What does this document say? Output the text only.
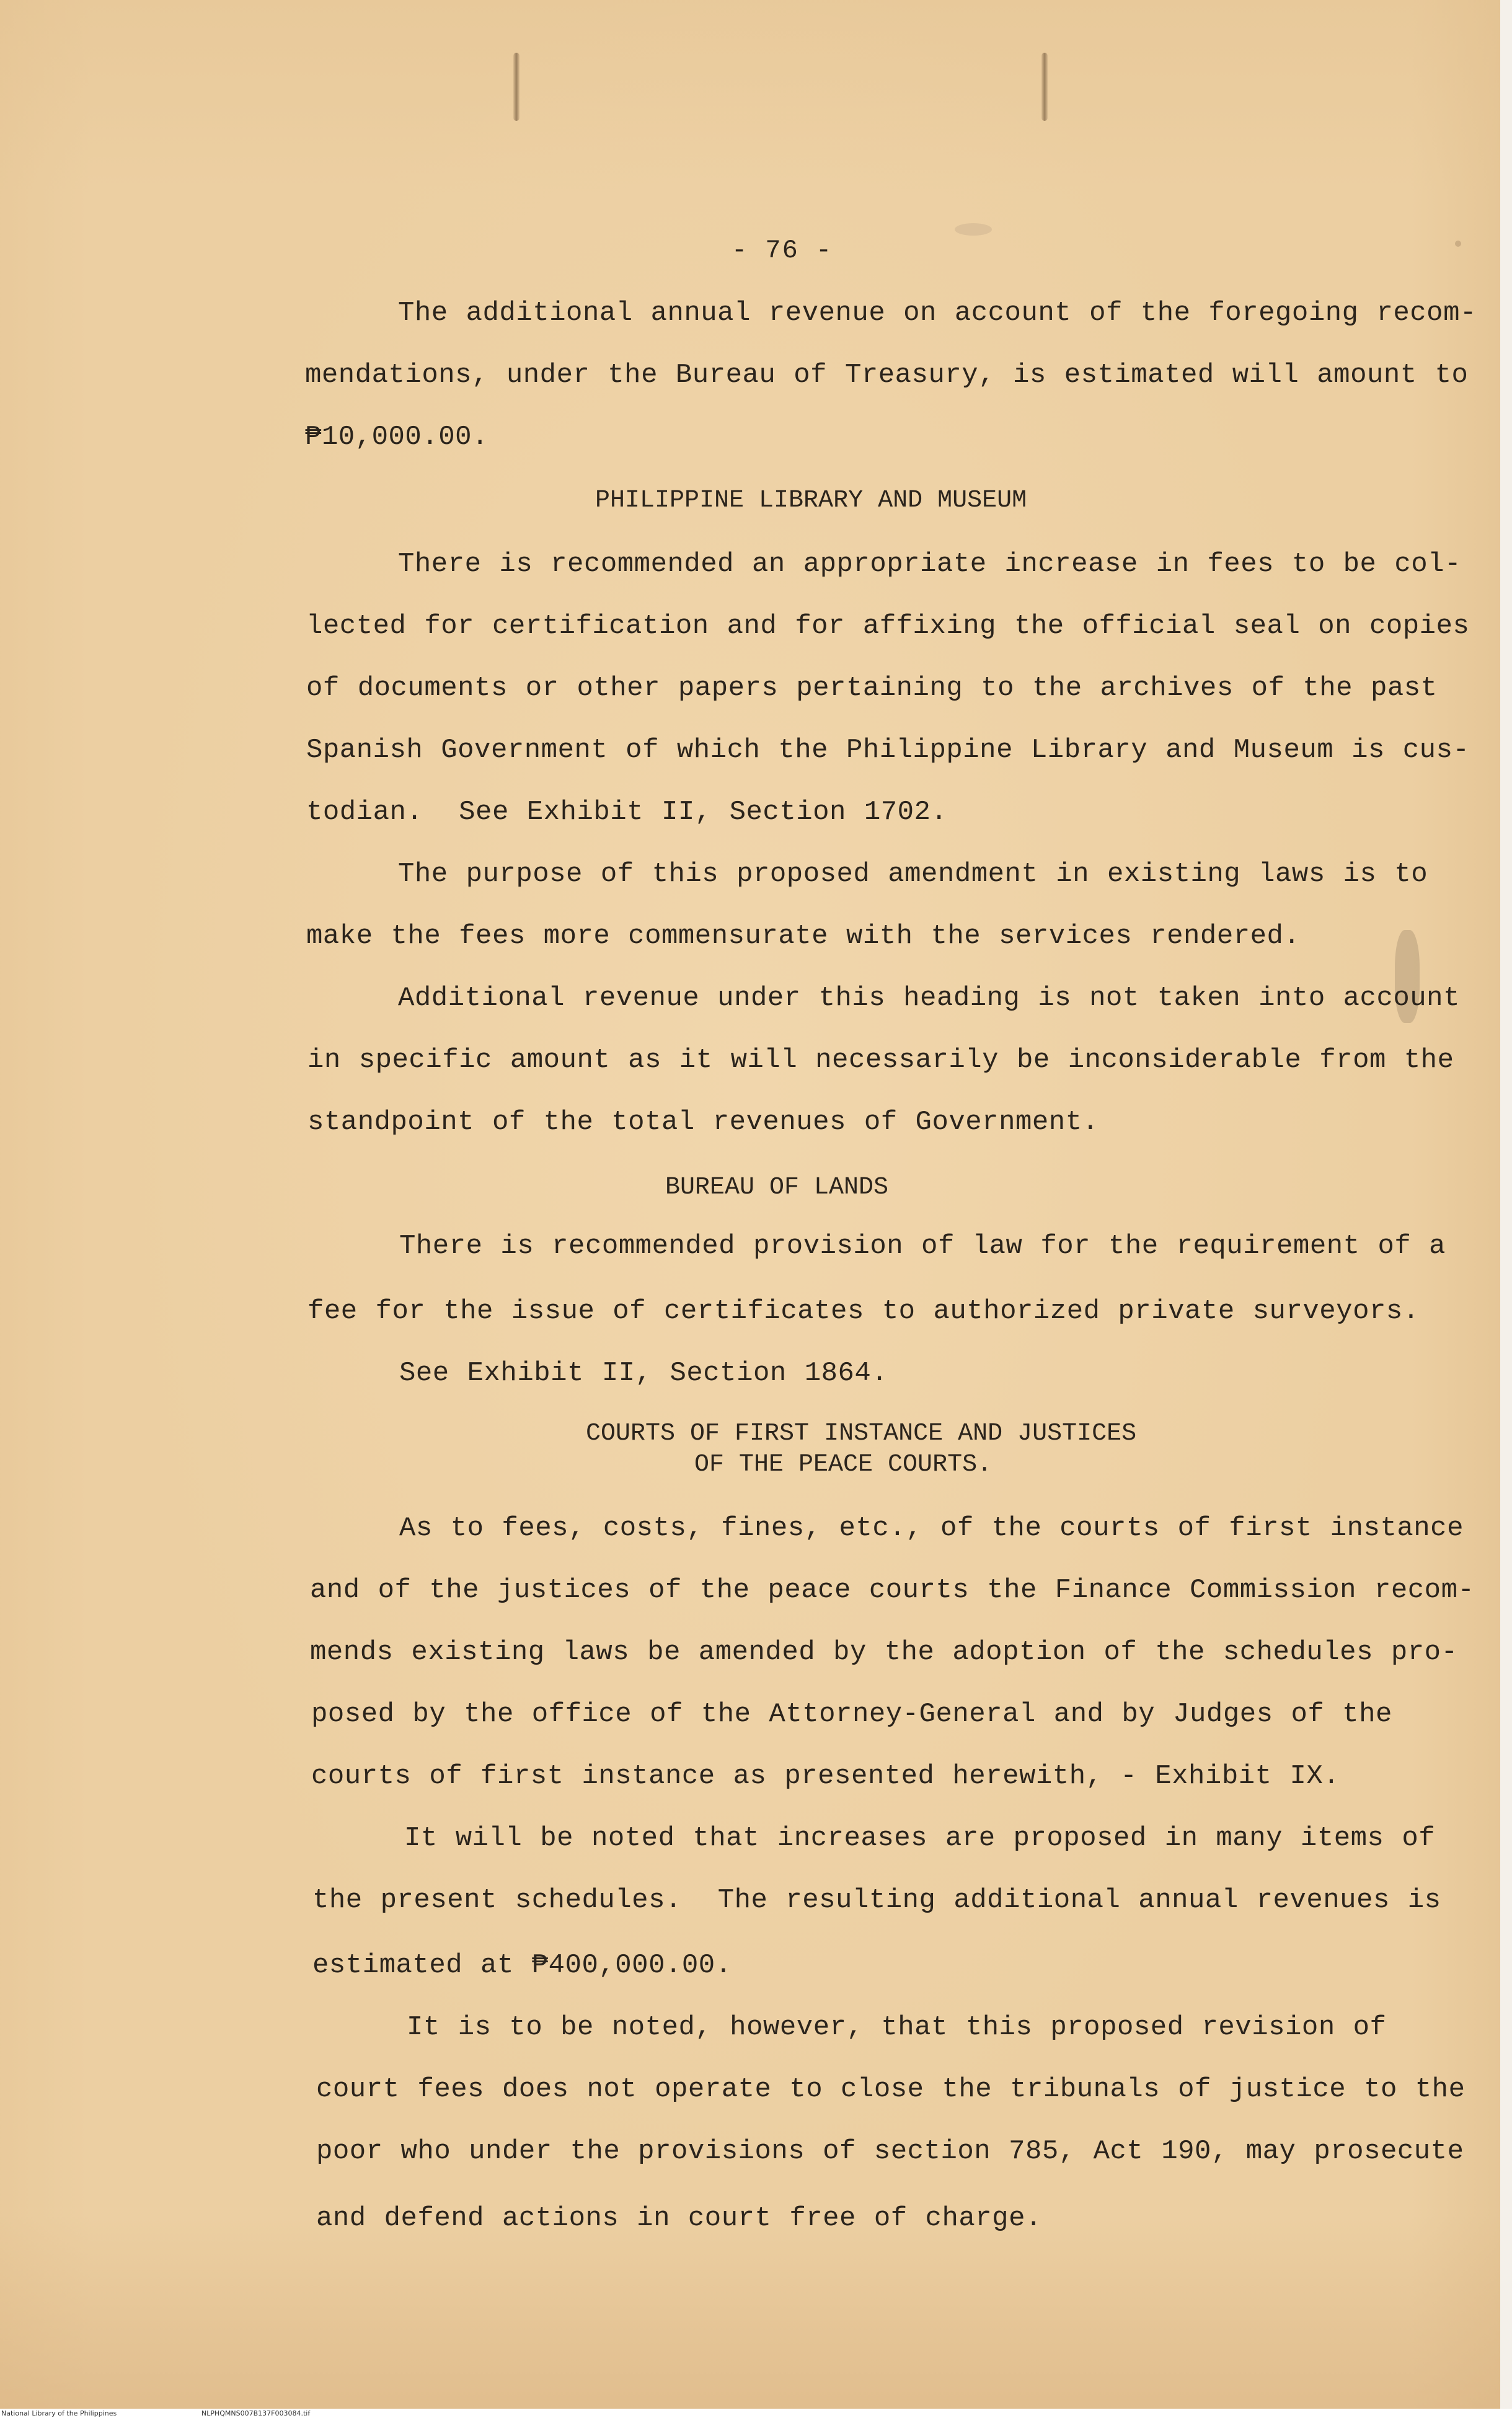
- 76 -
The additional annual revenue on account of the foregoing recom-
mendations, under the Bureau of Treasury, is estimated will amount to
₱10,000.00.
PHILIPPINE LIBRARY AND MUSEUM
There is recommended an appropriate increase in fees to be col-
lected for certification and for affixing the official seal on copies
of documents or other papers pertaining to the archives of the past
Spanish Government of which the Philippine Library and Museum is cus-
todian.  See Exhibit II, Section 1702.
The purpose of this proposed amendment in existing laws is to
make the fees more commensurate with the services rendered.
Additional revenue under this heading is not taken into account
in specific amount as it will necessarily be inconsiderable from the
standpoint of the total revenues of Government.
BUREAU OF LANDS
There is recommended provision of law for the requirement of a
fee for the issue of certificates to authorized private surveyors.
See Exhibit II, Section 1864.
COURTS OF FIRST INSTANCE AND JUSTICES
OF THE PEACE COURTS.
As to fees, costs, fines, etc., of the courts of first instance
and of the justices of the peace courts the Finance Commission recom-
mends existing laws be amended by the adoption of the schedules pro-
posed by the office of the Attorney-General and by Judges of the
courts of first instance as presented herewith, - Exhibit IX.
It will be noted that increases are proposed in many items of
the present schedules.  The resulting additional annual revenues is
estimated at ₱400,000.00.
It is to be noted, however, that this proposed revision of
court fees does not operate to close the tribunals of justice to the
poor who under the provisions of section 785, Act 190, may prosecute
and defend actions in court free of charge.
National Library of the Philippines	NLPHQMNS007B137F003084.tif
